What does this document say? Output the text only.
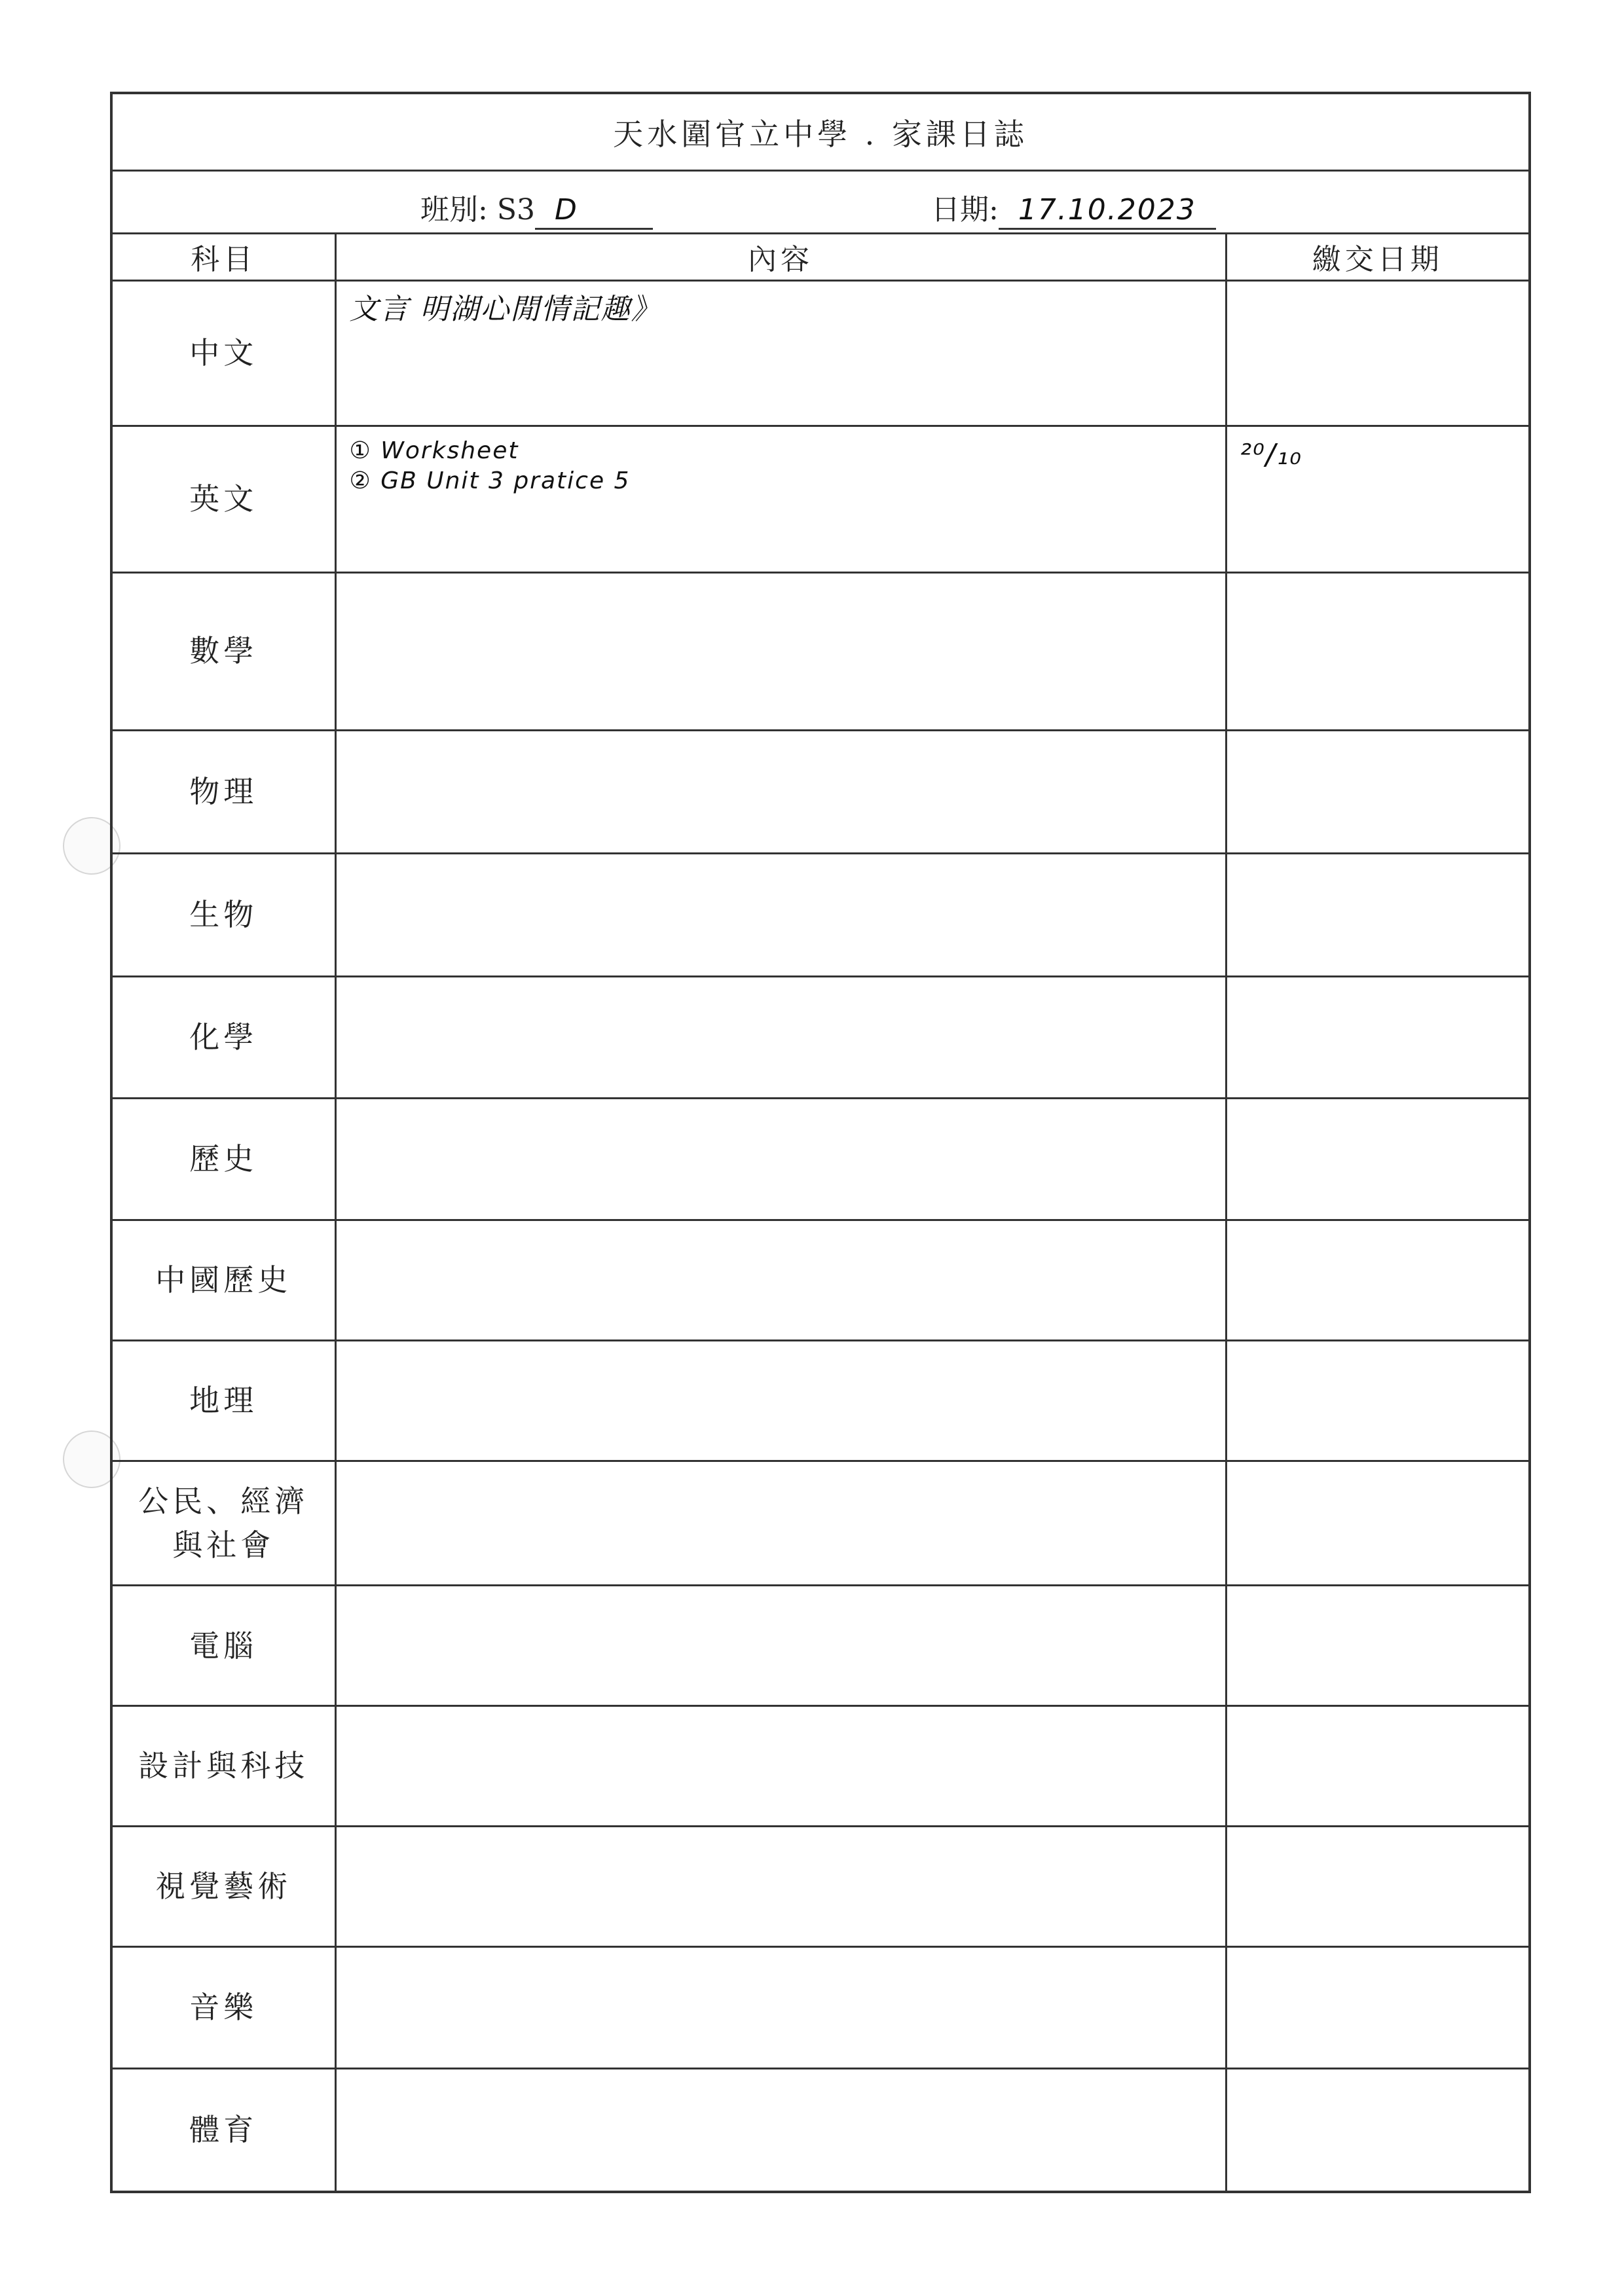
天水圍官立中學 . 家課日誌
班別: S3 D	日期: 17.10.2023
科目	內容	繳交日期
中文	文言 明湖心閒情記趣》	

英文	① Worksheet
② GB Unit 3 pratice 5	²⁰/₁₀
數學		
物理		
生物		
化學		
歷史		
中國歷史		
地理		
公民、經濟與社會		
電腦		
設計與科技		
視覺藝術		
音樂		
體育		
